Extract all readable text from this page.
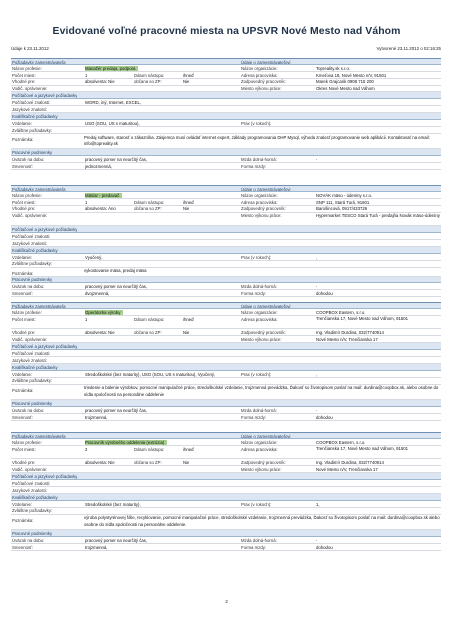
Evidované voľné pracovné miesta na UPSVR Nové Mesto nad Váhom
Údaje k 23.11.2012	Vytvorené 23.11.2012 o 02:16:25
Požiadavky zamestnávateľa	Údaje o zamestnávateľovi
Názov profesie:	Manažér predaja, podpora	Názov organizácie:	Topreality.sk s.r.o.
Počet miest:	1	Dátum nástupu:	ihneď	Adresa pracoviska:	Kmeťova 18, Nové Mesto n/V, 91501
Vhodné pre:	absolventa: Nie	občana so ZP:	Nie	Zodpovedný pracovník:	Marek Grajcarik 0908 715 200
Vodič. oprávnenie:	Miesto výkonu práce:	Okres Nové Mesto nad Váhom
Počítačové a jazykové požiadavky
Počítačové znalosti:	WORD, iný, Internet, EXCEL,
Jazykové znalosti:
Kvalifikačné požiadavky
Vzdelanie:	USO (SOU, US s maturitou),	Prax (v rokoch):
Zvláštne požiadavky:
Poznámka:
Predaj software, starosť o zákazníka. Zásjemca musí ovládať internet expert, základy programovania DHP Mysql, výhoda znalosť programovanie web aplikácii. Kontaktovať na email: info@topreality.sk
Pracovné podmienky
Úväzok na dobu:	pracovný pomer na neurčitý čas,	Mzda dolná-horná:	-
Smennosť:	jednozmenná,	Forma mzdy:
Požiadavky zamestnávateľa	Údaje o zamestnávateľovi
Názov profesie:	Mäsiar - predavač	Názov organizácie:	NOVÁK mäso - údeniny s.r.o.
Počet miest:	1	Dátum nástupu:	ihneď	Adresa pracoviska:	SNP 111, Stará Turá, 91601
Vhodné pre:	absolventa: Áno	občana so ZP:	Nie	Zodpovedný pracovník:	Barošincová, 0917/433726
Vodič. oprávnenie:	Miesto výkonu práce:	Hypermarket TESCO Stará Turá - predajňa Novák mäso-údeniny
Počítačové a jazykové požiadavky
Počítačové znalosti:
Jazykové znalosti:
Kvalifikačné požiadavky
Vzdelanie:	Vyučený,	Prax (v rokoch):	,
Zvláštne požiadavky:
Poznámka:
vykostovanie mäsa, predaj mäsa
Pracovné podmienky
Úväzok na dobu:	pracovný pomer na neurčitý čas,	Mzda dolná-horná:	-
Smennosť:	dvojzmenná,	Forma mzdy:	dohodou
Požiadavky zamestnávateľa	Údaje o zamestnávateľovi
Názov profesie:	Operátorka výroby	Názov organizácie:	COOPBOX Eastern, s.r.o.
Počet miest:	1	Dátum nástupu:	ihneď	Adresa pracoviska:	Trenčianska 17, Nové Mesto nad Váhom, 91501
Vhodné pre:	absolventa: Nie	občana so ZP:	Nie	Zodpovedný pracovník:	Ing. Vladimír Durdina, 032/7740914
Vodič. oprávnenie:	Miesto výkonu práce:	Nové Mesto n/V, Trenčianska 17
Počítačové a jazykové požiadavky
Počítačové znalosti:
Jazykové znalosti:
Kvalifikačné požiadavky
Vzdelanie:	Stredoškolské (bez maturity), USO (SOU, US s maturitou), Vyučený,	Prax (v rokoch):	,
Zvláštne požiadavky:
Poznámka:
triedenie a balenie výrobkov, pomocné manipulačné práce, stredoškolské vzdelanie, trojzmenná prevádzka, Ďakosť so životopisom poslať na mail: durdina@coopbox.sk, alebo osobne do sídla spoločnosti na personálne oddelenie
Pracovné podmienky
Úväzok na dobu:	pracovný pomer na neurčitý čas,	Mzda dolná-horná:	-
Smennosť:	trojzmenná,	Forma mzdy:	dohodou
Požiadavky zamestnávateľa	Údaje o zamestnávateľovi
Názov profesie:	Pracovník výrobného oddelenia (extrúzia)	Názov organizácie:	COOPBOX Eastern, s.r.o.
Počet miest:	3	Dátum nástupu:	ihneď	Adresa pracoviska:	Trenčianska 17, Nové Mesto nad Váhom, 91501
Vhodné pre:	absolventa: Nie	občana so ZP:	Nie	Zodpovedný pracovník:	Ing. Vladimír Durdina, 032/7740914
Vodič. oprávnenie:	Miesto výkonu práce:	Nové Mesto n/V, Trenčianska 17
Počítačové a jazykové požiadavky
Počítačové znalosti:
Jazykové znalosti:
Kvalifikačné požiadavky
Vzdelanie:	Stredoškolské (bez maturity),	Prax (v rokoch):	1,
Zvláštne požiadavky:
Poznámka:
výroba polystyrénovej fólie, recyklovanie, pomocné manipulačné práce, stredoškolské vzdelanie, trojzmenná prevádzka, Ďakosť so životopisom poslať na mail: durdina@coopbox.sk alebo osobne do sídla spoločnosti na personálne oddelenie.
Pracovné podmienky
Úväzok na dobu:	pracovný pomer na neurčitý čas,	Mzda dolná-horná:	-
Smennosť:	trojzmenná,	Forma mzdy:	dohodou
2
